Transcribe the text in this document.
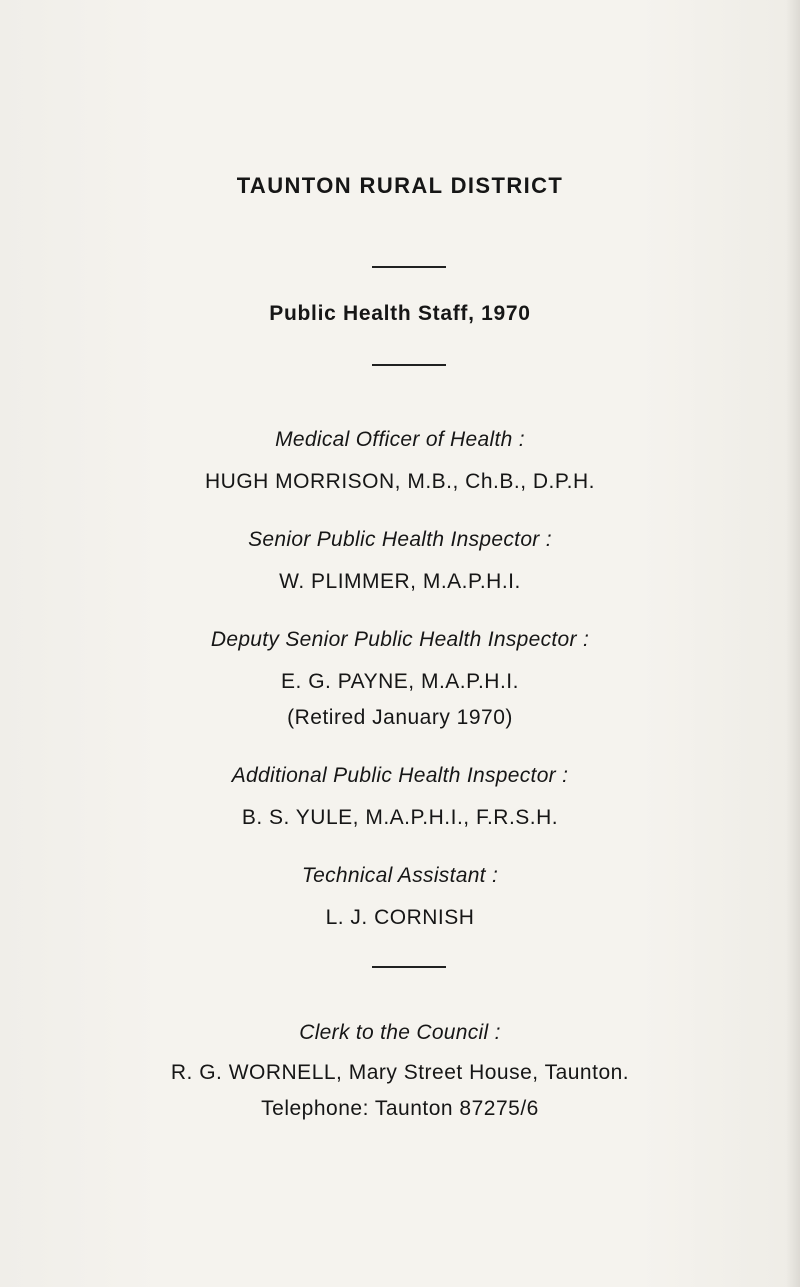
TAUNTON RURAL DISTRICT
Public Health Staff, 1970
Medical Officer of Health :
HUGH MORRISON, M.B., Ch.B., D.P.H.
Senior Public Health Inspector :
W. PLIMMER, M.A.P.H.I.
Deputy Senior Public Health Inspector :
E. G. PAYNE, M.A.P.H.I.
(Retired January 1970)
Additional Public Health Inspector :
B. S. YULE, M.A.P.H.I., F.R.S.H.
Technical Assistant :
L. J. CORNISH
Clerk to the Council :
R. G. WORNELL, Mary Street House, Taunton.
Telephone: Taunton 87275/6
